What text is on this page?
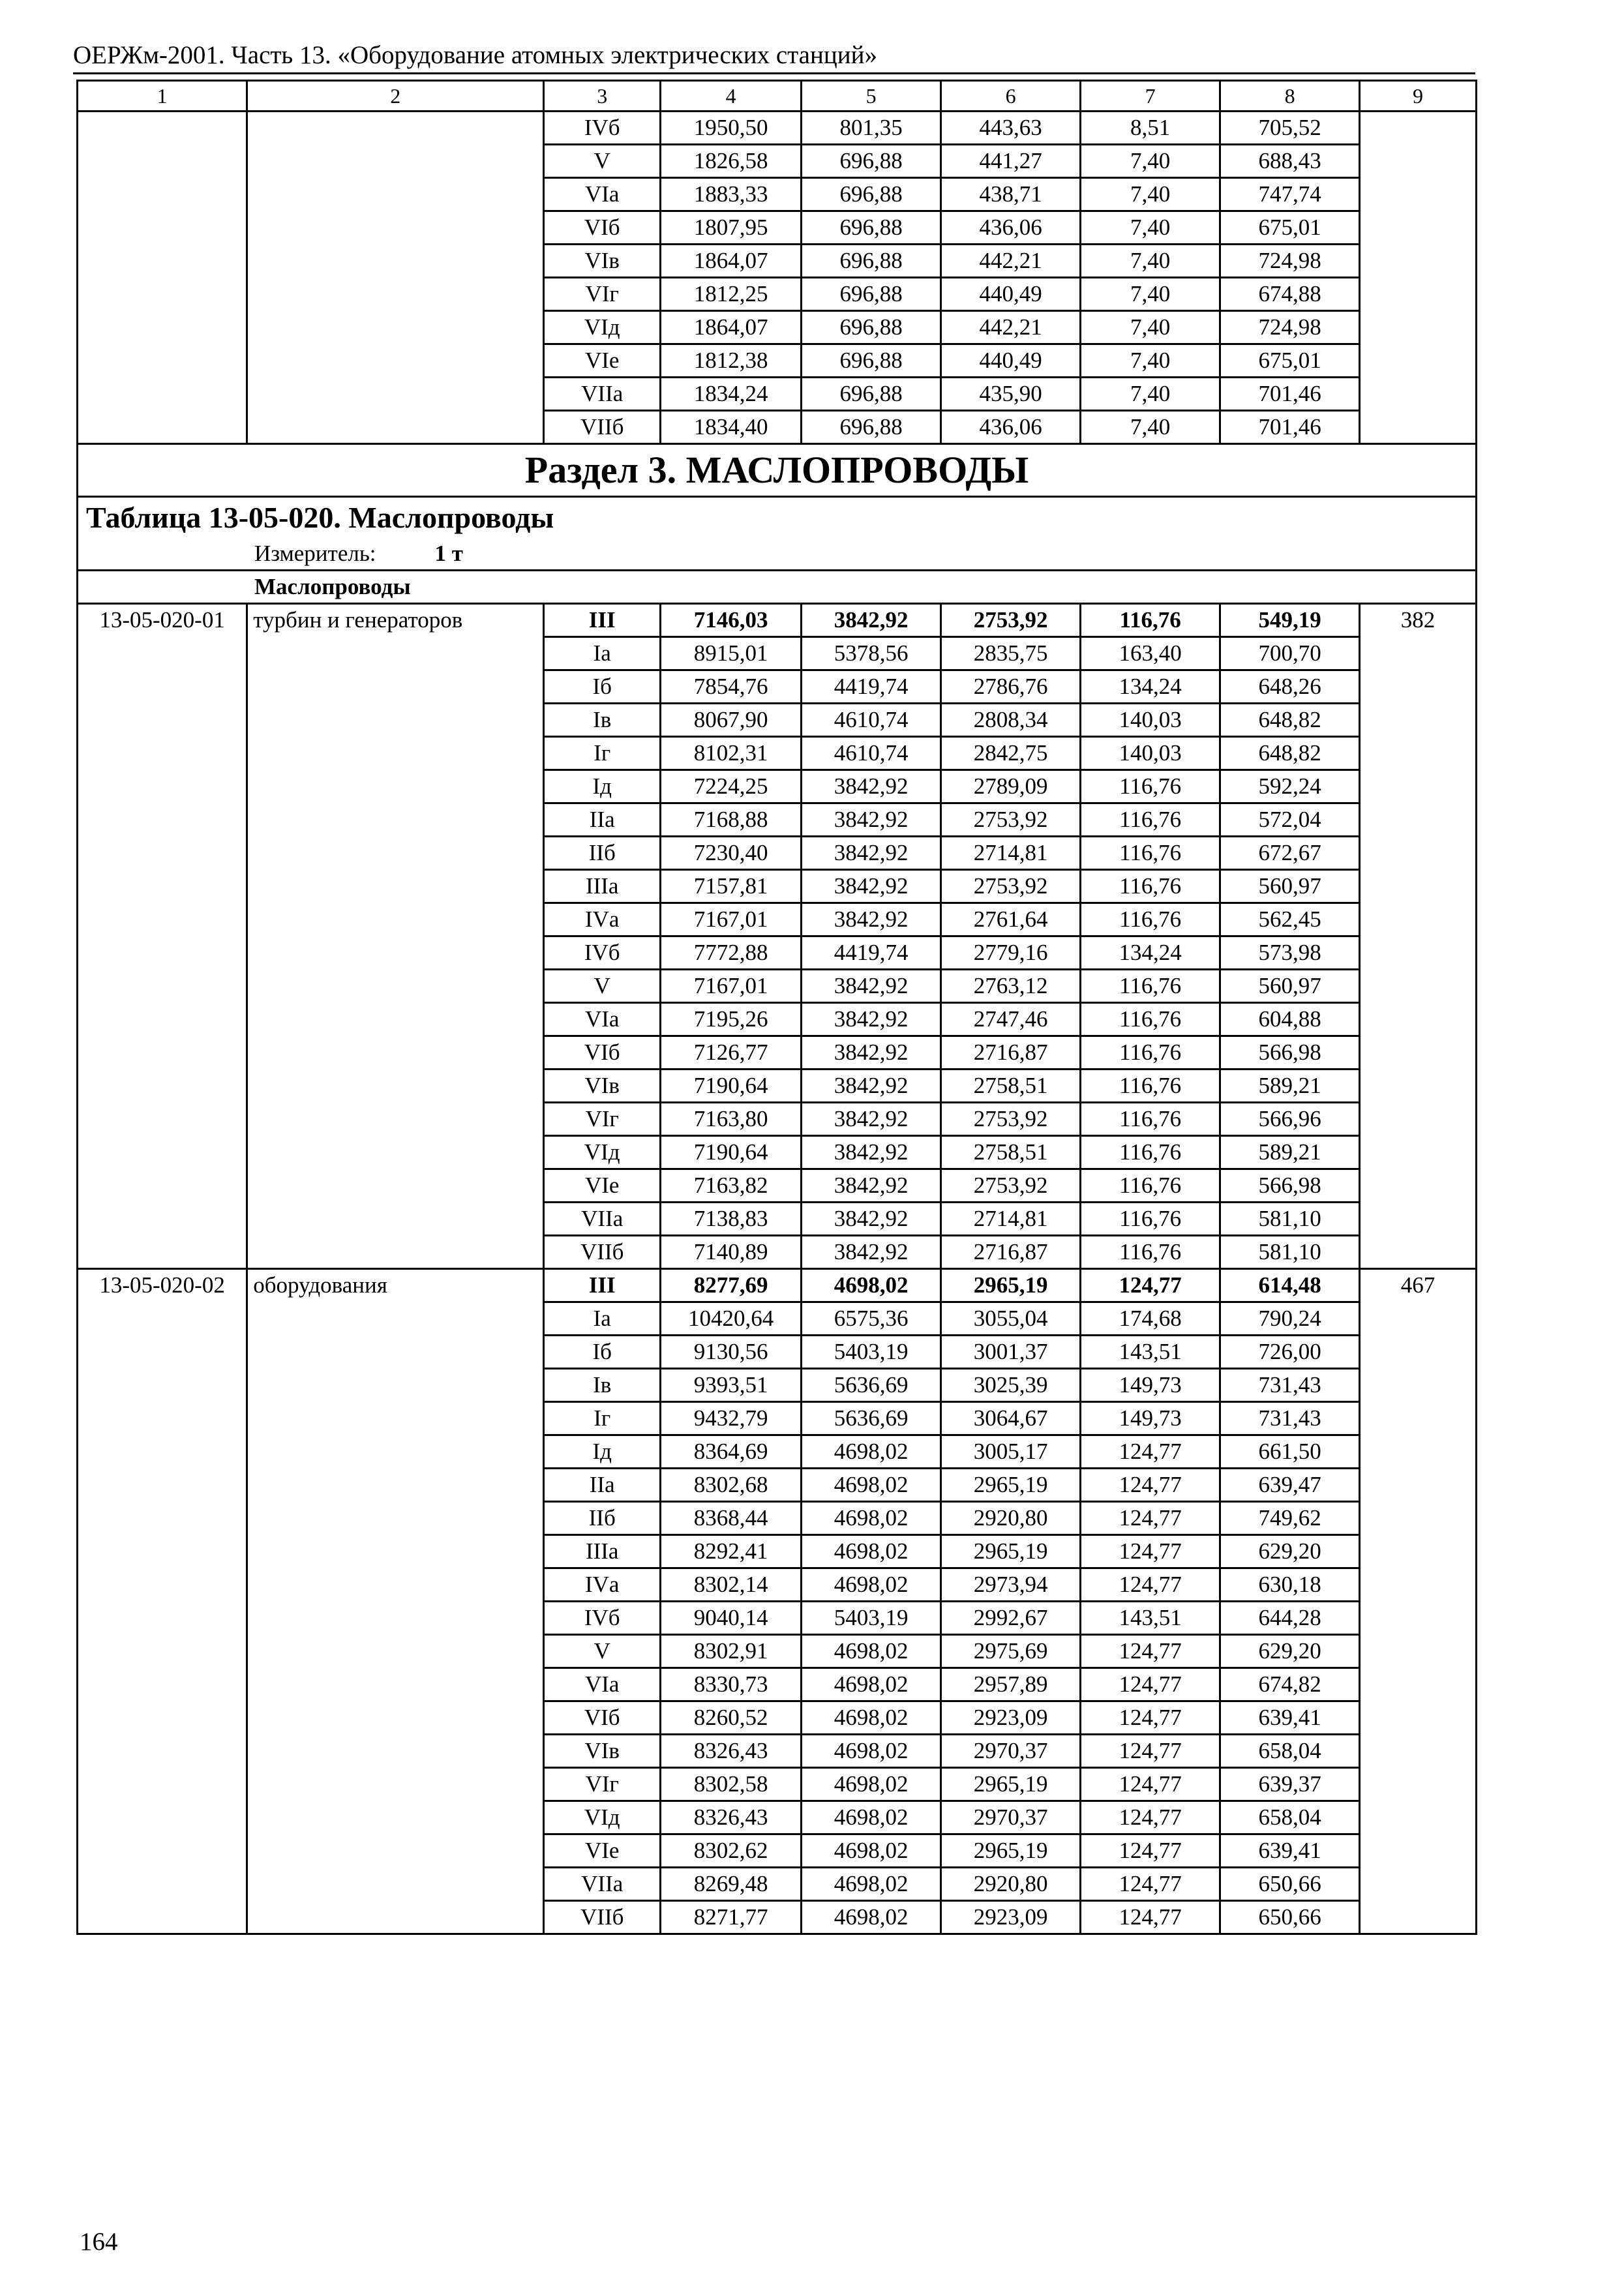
ОЕРЖм-2001. Часть 13. «Оборудование атомных электрических станций»
1	2	3	4	5	6	7	8	9
		IVб	1950,50	801,35	443,63	8,51	705,52	
		V	1826,58	696,88	441,27	7,40	688,43	
		VIа	1883,33	696,88	438,71	7,40	747,74	
		VIб	1807,95	696,88	436,06	7,40	675,01	
		VIв	1864,07	696,88	442,21	7,40	724,98	
		VIг	1812,25	696,88	440,49	7,40	674,88	
		VIд	1864,07	696,88	442,21	7,40	724,98	
		VIе	1812,38	696,88	440,49	7,40	675,01	
		VIIа	1834,24	696,88	435,90	7,40	701,46	
		VIIб	1834,40	696,88	436,06	7,40	701,46	
Раздел 3. МАСЛОПРОВОДЫ								
Таблица 13-05-020. Маслопроводы								
Измеритель: 1 т								
Маслопроводы								
13-05-020-01	турбин и генераторов	III	7146,03	3842,92	2753,92	116,76	549,19	382
		Iа	8915,01	5378,56	2835,75	163,40	700,70	
		Iб	7854,76	4419,74	2786,76	134,24	648,26	
		Iв	8067,90	4610,74	2808,34	140,03	648,82	
		Iг	8102,31	4610,74	2842,75	140,03	648,82	
		Iд	7224,25	3842,92	2789,09	116,76	592,24	
		IIа	7168,88	3842,92	2753,92	116,76	572,04	
		IIб	7230,40	3842,92	2714,81	116,76	672,67	
		IIIа	7157,81	3842,92	2753,92	116,76	560,97	
		IVа	7167,01	3842,92	2761,64	116,76	562,45	
		IVб	7772,88	4419,74	2779,16	134,24	573,98	
		V	7167,01	3842,92	2763,12	116,76	560,97	
		VIа	7195,26	3842,92	2747,46	116,76	604,88	
		VIб	7126,77	3842,92	2716,87	116,76	566,98	
		VIв	7190,64	3842,92	2758,51	116,76	589,21	
		VIг	7163,80	3842,92	2753,92	116,76	566,96	
		VIд	7190,64	3842,92	2758,51	116,76	589,21	
		VIе	7163,82	3842,92	2753,92	116,76	566,98	
		VIIа	7138,83	3842,92	2714,81	116,76	581,10	
		VIIб	7140,89	3842,92	2716,87	116,76	581,10	
13-05-020-02	оборудования	III	8277,69	4698,02	2965,19	124,77	614,48	467
		Iа	10420,64	6575,36	3055,04	174,68	790,24	
		Iб	9130,56	5403,19	3001,37	143,51	726,00	
		Iв	9393,51	5636,69	3025,39	149,73	731,43	
		Iг	9432,79	5636,69	3064,67	149,73	731,43	
		Iд	8364,69	4698,02	3005,17	124,77	661,50	
		IIа	8302,68	4698,02	2965,19	124,77	639,47	
		IIб	8368,44	4698,02	2920,80	124,77	749,62	
		IIIа	8292,41	4698,02	2965,19	124,77	629,20	
		IVа	8302,14	4698,02	2973,94	124,77	630,18	
		IVб	9040,14	5403,19	2992,67	143,51	644,28	
		V	8302,91	4698,02	2975,69	124,77	629,20	
		VIа	8330,73	4698,02	2957,89	124,77	674,82	
		VIб	8260,52	4698,02	2923,09	124,77	639,41	
		VIв	8326,43	4698,02	2970,37	124,77	658,04	
		VIг	8302,58	4698,02	2965,19	124,77	639,37	
		VIд	8326,43	4698,02	2970,37	124,77	658,04	
		VIе	8302,62	4698,02	2965,19	124,77	639,41	
		VIIа	8269,48	4698,02	2920,80	124,77	650,66	
		VIIб	8271,77	4698,02	2923,09	124,77	650,66	
164
